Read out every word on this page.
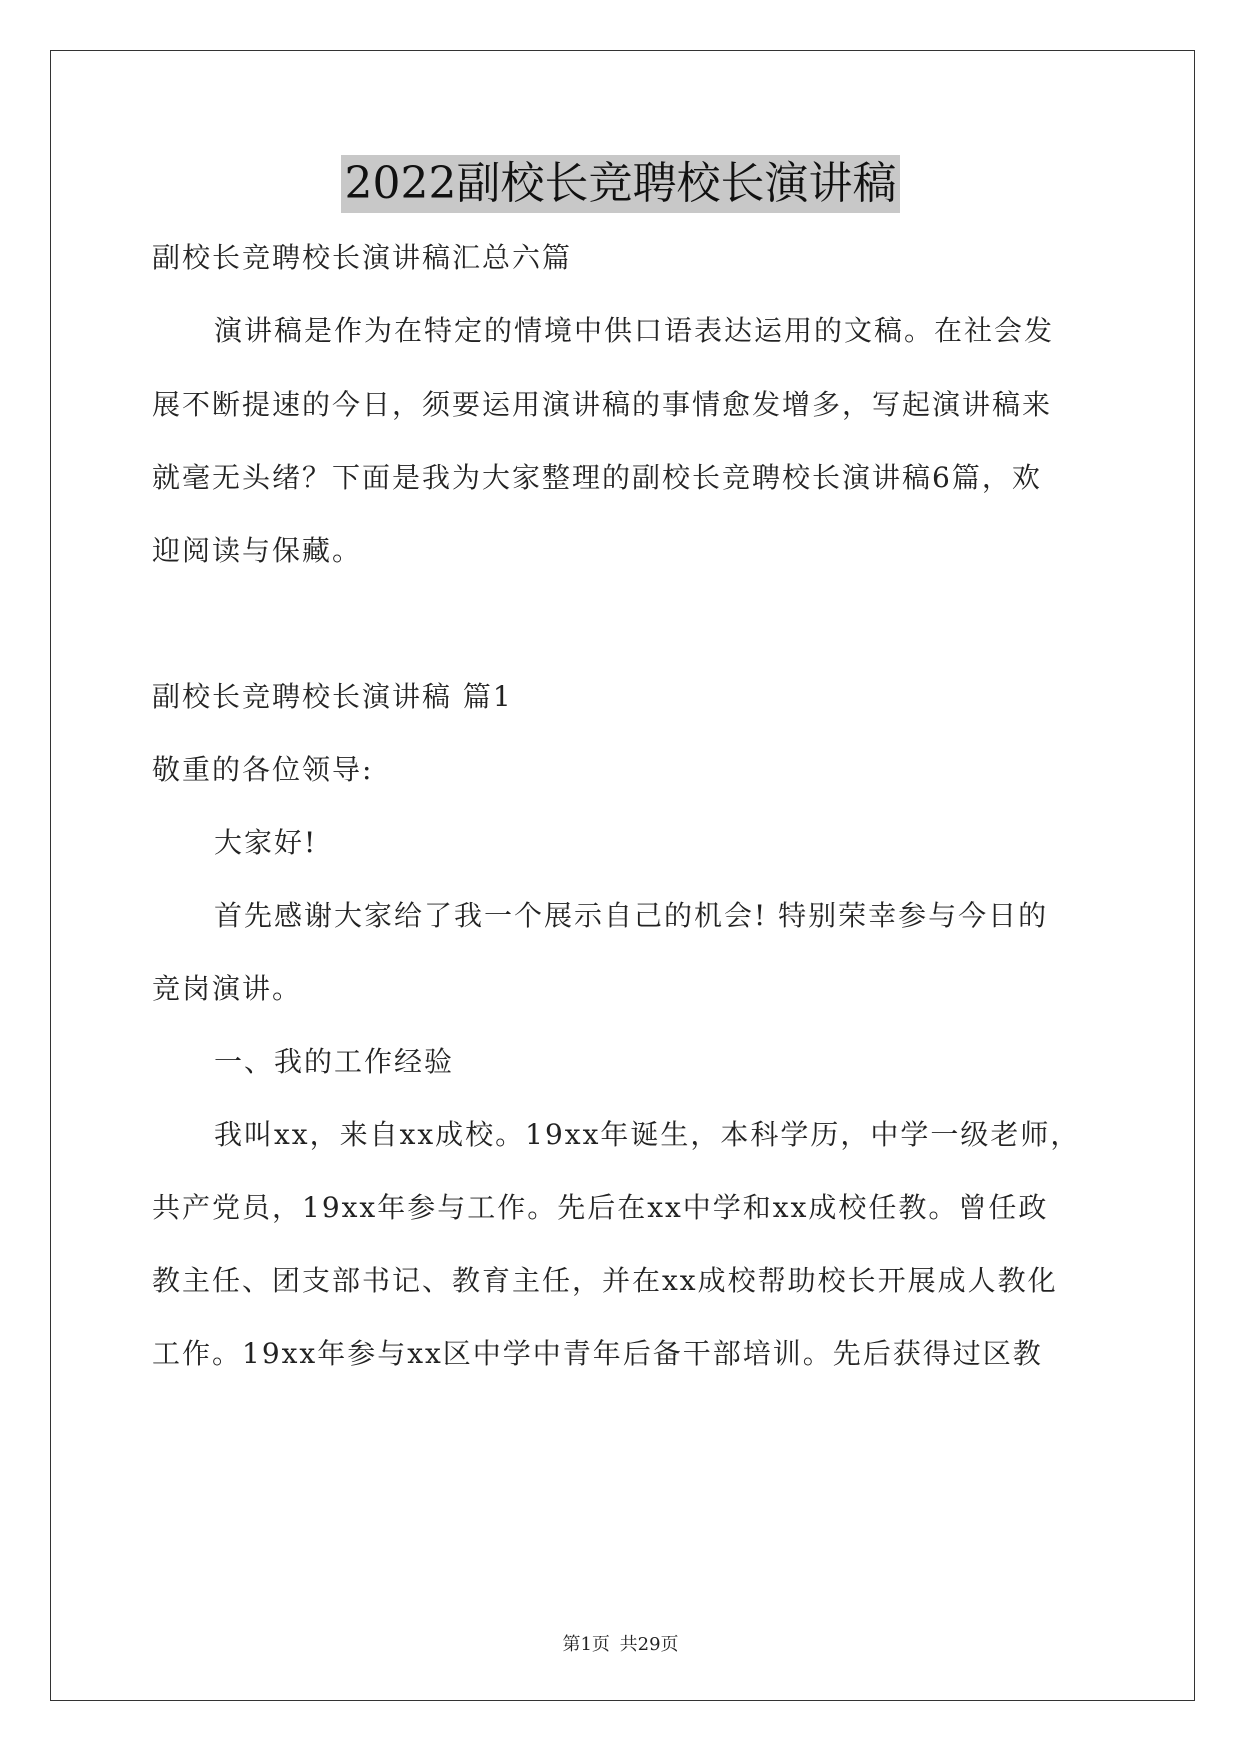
2022副校长竞聘校长演讲稿
副校长竞聘校长演讲稿汇总六篇
演讲稿是作为在特定的情境中供口语表达运用的文稿。在社会发
展不断提速的今日，须要运用演讲稿的事情愈发增多，写起演讲稿来
就毫无头绪？下面是我为大家整理的副校长竞聘校长演讲稿6篇，欢
迎阅读与保藏。
副校长竞聘校长演讲稿 篇1
敬重的各位领导:
大家好!
首先感谢大家给了我一个展示自己的机会! 特别荣幸参与今日的
竞岗演讲。
一、我的工作经验
我叫xx，来自xx成校。19xx年诞生，本科学历，中学一级老师，
共产党员，19xx年参与工作。先后在xx中学和xx成校任教。曾任政
教主任、团支部书记、教育主任，并在xx成校帮助校长开展成人教化
工作。19xx年参与xx区中学中青年后备干部培训。先后获得过区教
第1页 共29页
